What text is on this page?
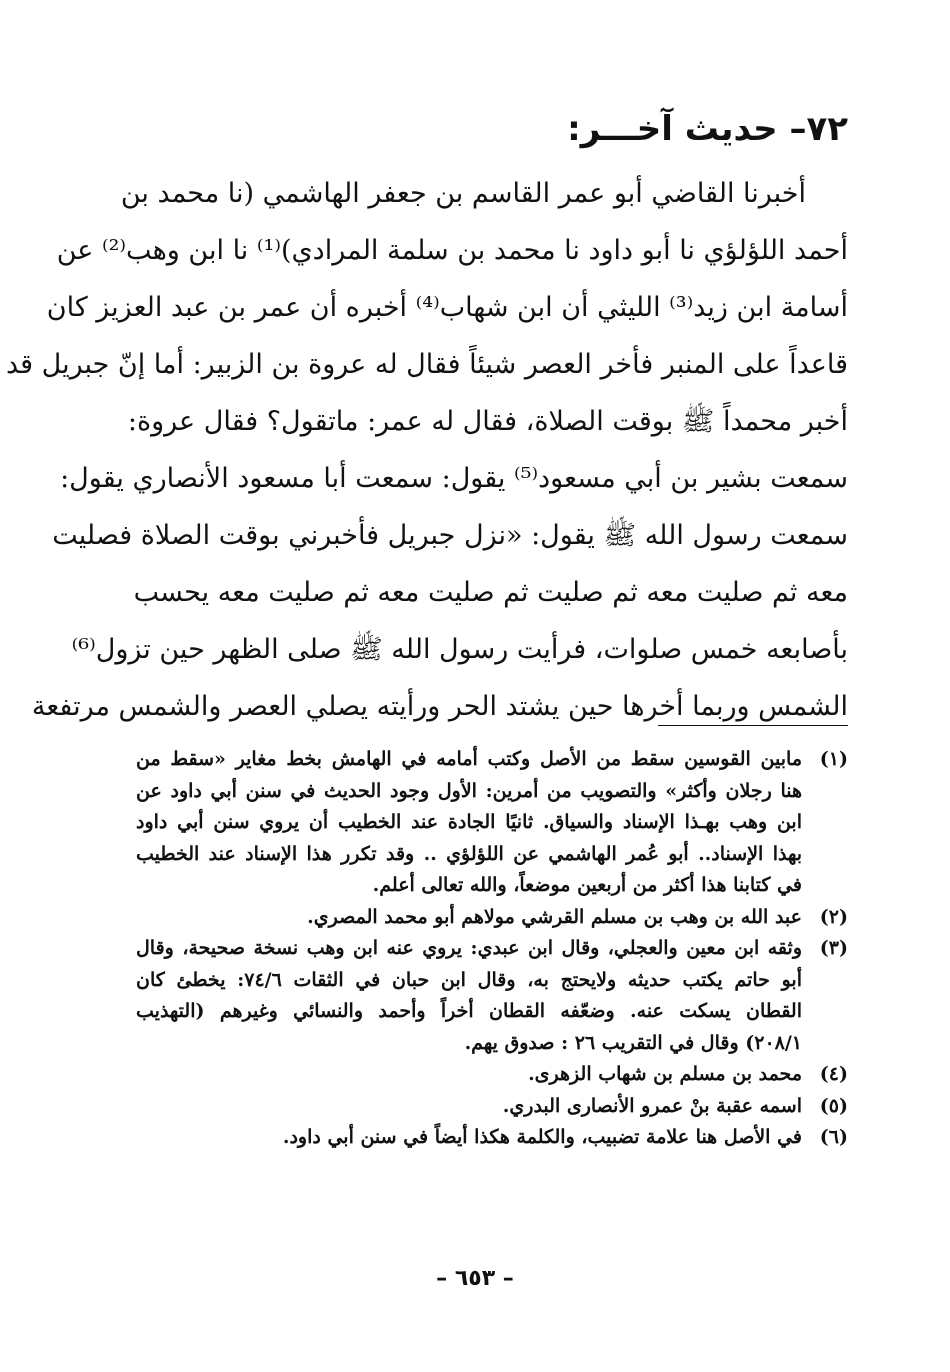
٧٢– حديث آخـــر:
أخبرنا القاضي أبو عمر القاسم بن جعفر الهاشمي (نا محمد بن
أحمد اللؤلؤي نا أبو داود نا محمد بن سلمة المرادي)⁽¹⁾ نا ابن وهب⁽²⁾ عن
أسامة ابن زيد⁽³⁾ الليثي أن ابن شهاب⁽⁴⁾ أخبره أن عمر بن عبد العزيز كان
قاعداً على المنبر فأخر العصر شيئاً فقال له عروة بن الزبير: أما إنّ جبريل قد
أخبر محمداً ﷺ بوقت الصلاة، فقال له عمر: ماتقول؟ فقال عروة:
سمعت بشير بن أبي مسعود⁽⁵⁾ يقول: سمعت أبا مسعود الأنصاري يقول:
سمعت رسول الله ﷺ يقول: «نزل جبريل فأخبرني بوقت الصلاة فصليت
معه ثم صليت معه ثم صليت ثم صليت معه ثم صليت معه يحسب
بأصابعه خمس صلوات، فرأيت رسول الله ﷺ صلى الظهر حين تزول⁽⁶⁾
الشمس وربما أخرها حين يشتد الحر ورأيته يصلي العصر والشمس مرتفعة
(١)مابين القوسين سقط من الأصل وكتب أمامه في الهامش بخط مغاير «سقط من
هنا رجلان وأكثر» والتصويب من أمرين: الأول وجود الحديث في سنن أبي داود عن
ابن وهب بهـذا الإسناد والسياق. ثانيًا الجادة عند الخطيب أن يروي سنن أبي داود
بهذا الإسناد.. أبو عُمر الهاشمي عن اللؤلؤي .. وقد تكرر هذا الإسناد عند الخطيب
في كتابنا هذا أكثر من أربعين موضعاً، والله تعالى أعلم.
(٢)عبد الله بن وهب بن مسلم القرشي مولاهم أبو محمد المصري.
(٣)وثقه ابن معين والعجلي، وقال ابن عبدي: يروي عنه ابن وهب نسخة صحيحة، وقال
أبو حاتم يكتب حديثه ولايحتج به، وقال ابن حبان في الثقات ٧٤/٦: يخطئ كان
القطان يسكت عنه. وضعّفه القطان أخراً وأحمد والنسائي وغيرهم (التهذيب
٢٠٨/١) وقال في التقريب ٢٦ : صدوق يهم.
(٤)محمد بن مسلم بن شهاب الزهرى.
(٥)اسمه عقبة بنْ عمرو الأنصارى البدري.
(٦)في الأصل هنا علامة تضبيب، والكلمة هكذا أيضاً في سنن أبي داود.
– ٦٥٣ –
